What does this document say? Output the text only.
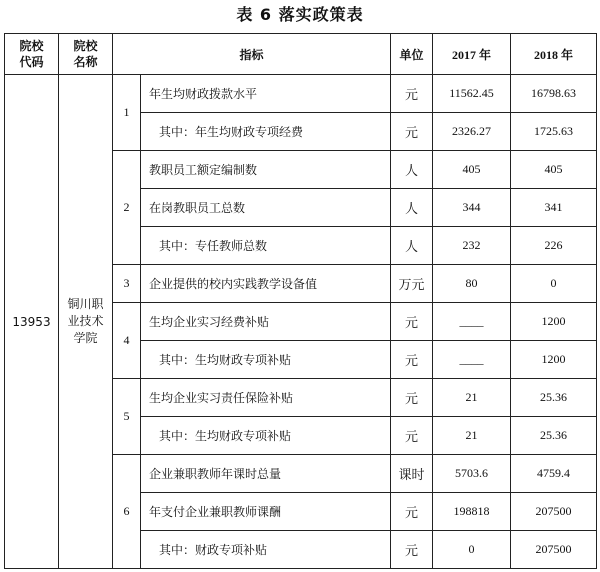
表 6 落实政策表
院校代码	院校名称	指标		单位	2017 年	2018 年
13953	铜川职业技术学院	1	年生均财政拨款水平	元	11562.45	16798.63
			其中：年生均财政专项经费	元	2326.27	1725.63
		2	教职员工额定编制数	人	405	405
			在岗教职员工总数	人	344	341
			其中：专任教师总数	人	232	226
		3	企业提供的校内实践教学设备值	万元	80	0
		4	生均企业实习经费补贴	元	____	1200
			其中：生均财政专项补贴	元	____	1200
		5	生均企业实习责任保险补贴	元	21	25.36
			其中：生均财政专项补贴	元	21	25.36
		6	企业兼职教师年课时总量	课时	5703.6	4759.4
			年支付企业兼职教师课酬	元	198818	207500
			其中：财政专项补贴	元	0	207500
